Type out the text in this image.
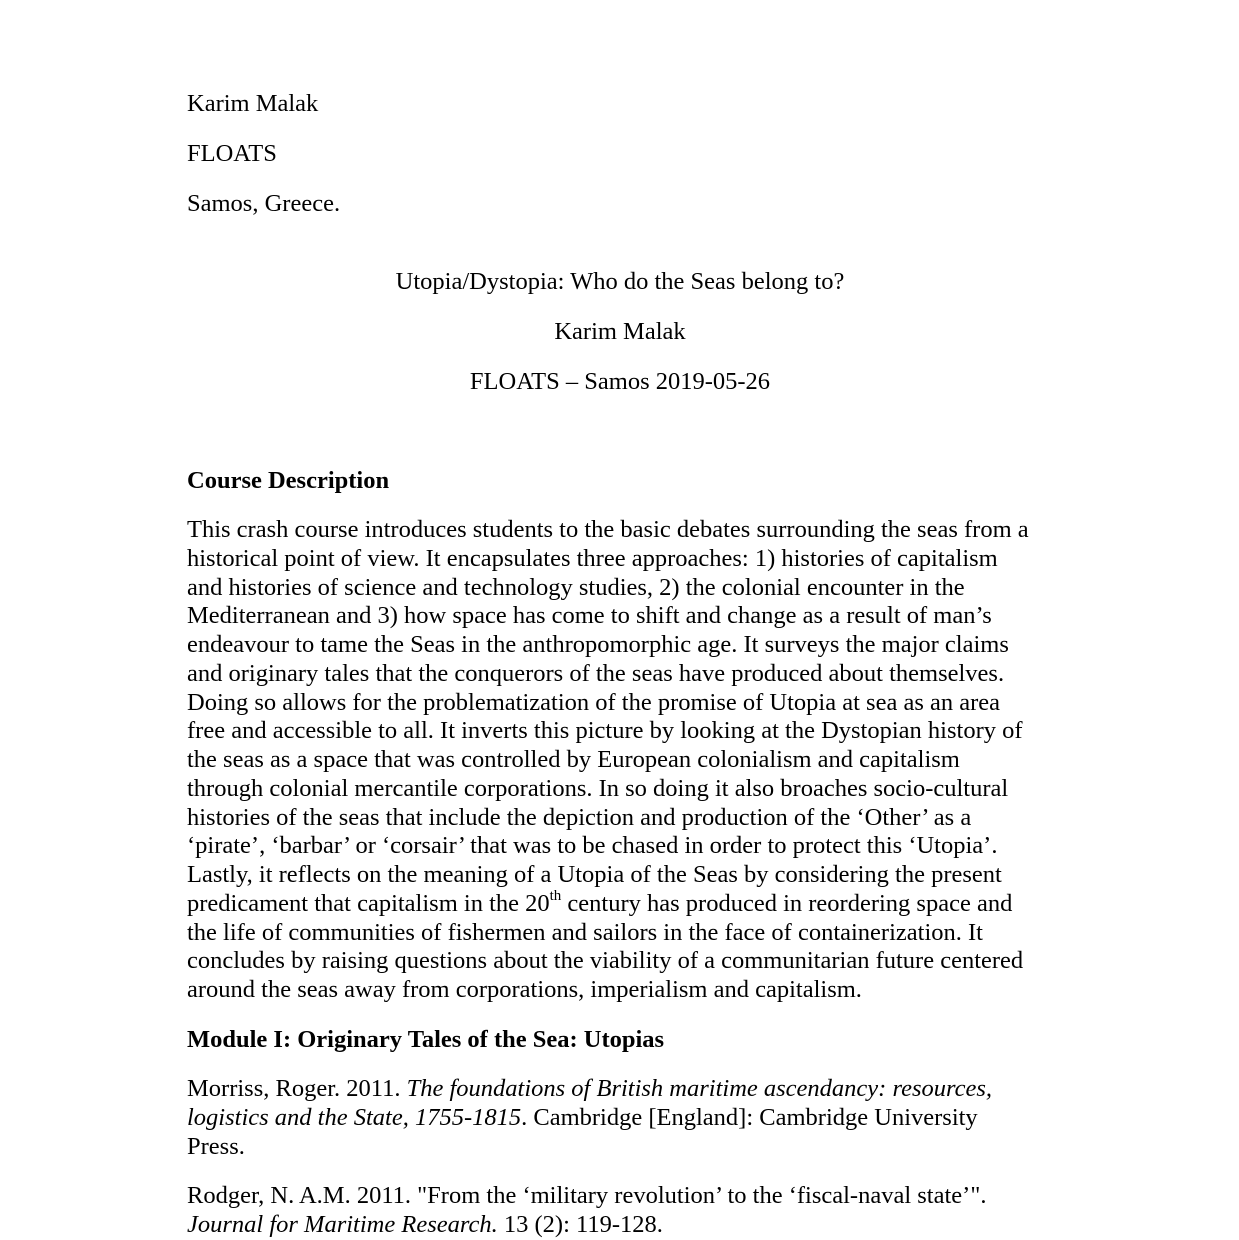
Karim Malak
FLOATS
Samos, Greece.
Utopia/Dystopia: Who do the Seas belong to?
Karim Malak
FLOATS – Samos 2019-05-26
Course Description
This crash course introduces students to the basic debates surrounding the seas from a
historical point of view. It encapsulates three approaches: 1) histories of capitalism
and histories of science and technology studies, 2) the colonial encounter in the
Mediterranean and 3) how space has come to shift and change as a result of man’s
endeavour to tame the Seas in the anthropomorphic age. It surveys the major claims
and originary tales that the conquerors of the seas have produced about themselves.
Doing so allows for the problematization of the promise of Utopia at sea as an area
free and accessible to all. It inverts this picture by looking at the Dystopian history of
the seas as a space that was controlled by European colonialism and capitalism
through colonial mercantile corporations. In so doing it also broaches socio-cultural
histories of the seas that include the depiction and production of the ‘Other’ as a
‘pirate’, ‘barbar’ or ‘corsair’ that was to be chased in order to protect this ‘Utopia’.
Lastly, it reflects on the meaning of a Utopia of the Seas by considering the present
predicament that capitalism in the 20th century has produced in reordering space and
the life of communities of fishermen and sailors in the face of containerization. It
concludes by raising questions about the viability of a communitarian future centered
around the seas away from corporations, imperialism and capitalism.
Module I: Originary Tales of the Sea: Utopias
Morriss, Roger. 2011. The foundations of British maritime ascendancy: resources,
logistics and the State, 1755-1815. Cambridge [England]: Cambridge University
Press.
Rodger, N. A.M. 2011. "From the ‘military revolution’ to the ‘fiscal-naval state’".
Journal for Maritime Research. 13 (2): 119-128.
